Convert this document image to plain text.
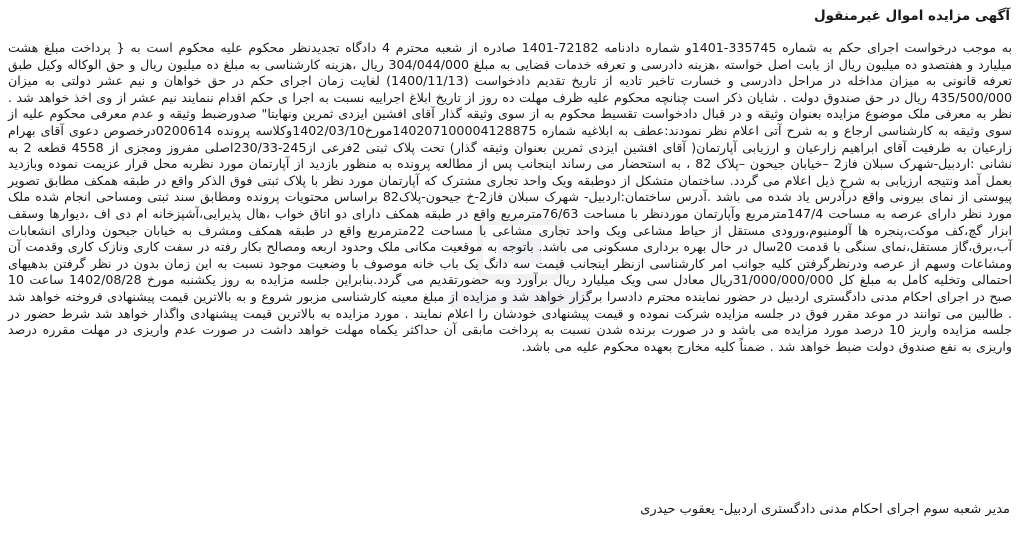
آگهی مزایده اموال غیرمنقول

به موجب درخواست اجرای حکم به شماره 335745-1401و شماره دادنامه 72182-1401 صادره از شعبه محترم 4 دادگاه تجدیدنظر محکوم علیه محکوم است به { پرداخت مبلغ هشت میلیارد و هفتصدو ده میلیون ریال از بابت اصل خواسته ،هزینه دادرسی و تعرفه خدمات قضایی به مبلغ 304/044/000 ریال ،هزینه کارشناسی به مبلغ ده میلیون ریال و حق الوکاله وکیل طبق تعرفه قانونی به میزان مداخله در مراحل دادرسی و خسارت تاخیر تادیه از تاریخ تقدیم دادخواست (1400/11/13) لغایت زمان اجرای حکم در حق خواهان و نیم عشر دولتی به میزان 435/500/000 ریال در حق صندوق دولت . شایان ذکر است چنانچه محکوم علیه ظرف مهلت ده روز از تاریخ ابلاغ اجراییه نسبت به اجرا ی حکم اقدام ننمایند نیم عشر از وی اخذ خواهد شد . نظر به معرفی ملک موضوع مزایده بعنوان وثیقه و در قبال دادخواست تقسیط محکوم به از سوی وثیقه گذار آقای افشین ایزدی ثمرین ونهایتا" صدورضبط وثیقه و عدم معرفی محکوم علیه از سوی وثیقه به کارشناسی ارجاع و به شرح آتی اعلام نظر نمودند:عطف به ابلاغیه شماره 140207100004128875مورخ1402/03/10وکلاسه پرونده 0200614درخصوص دعوی آقای بهرام زارعیان به طرفیت آقای ابراهیم زارعیان و ارزیابی آپارتمان( آقای افشین ایزدی ثمرین بعنوان وثیقه گذار) تحت پلاک ثبتی 2فرعی از245-230/33اصلی مفروز ومجزی از 4558 قطعه 2 به نشانی :اردبیل-شهرک سبلان فاز2 –خیابان جیحون –پلاک 82 ، به استحضار می رساند اینجانب پس از مطالعه پرونده به منظور بازدید از آپارتمان مورد نظربه محل قرار عزیمت نموده وبازدید بعمل آمد ونتیجه ارزیابی به شرح ذیل اعلام می گردد. ساختمان متشکل از دوطبقه ویک واحد تجاری مشترک که آپارتمان مورد نظر با پلاک ثبتی فوق الذکر واقع در طبقه همکف مطابق تصویر پیوستی از نمای بیرونی واقع درآدرس یاد شده می باشد .آدرس ساختمان:اردبیل- شهرک سبلان فاز2-خ جیحون-پلاک82 براساس محتویات پرونده ومطابق سند ثبتی ومساحی انجام شده ملک مورد نظر دارای عرصه به مساحت 147/4مترمربع وآپارتمان موردنظر با مساحت 76/63مترمربع واقع در طبقه همکف دارای دو اتاق خواب ،هال پذیرایی،آشپزخانه ام دی اف ،دیوارها وسقف ابزار گچ،کف موکت،پنجره ها آلومنیوم،ورودی مستقل از حیاط مشاعی ویک واحد تجاری مشاعی با مساحت 22مترمربع واقع در طبقه همکف ومشرف به خیابان جیحون ودارای انشعابات آب،برق،گاز مستقل،نمای سنگی با قدمت 20سال در حال بهره برداری مسکونی می باشد. باتوجه به موقعیت مکانی ملک وحدود اربعه ومصالح بکار رفته در سفت کاری ونازک کاری وقدمت آن ومشاعات وسهم از عرصه ودرنظرگرفتن کلیه جوانب امر کارشناسی ازنظر اینجانب قیمت سه دانگ یک باب خانه موصوف با وضعیت موجود نسبت به این زمان بدون در نظر گرفتن بدهیهای احتمالی وتخلیه کامل به مبلغ کل 31/000/000/000ریال معادل سی ویک میلیارد ریال برآورد وبه حضورتقدیم می گردد.بنابراین جلسه مزایده به روز یکشنبه مورخ 1402/08/28 ساعت 10 صبح در اجرای احکام مدنی دادگستری اردبیل در حضور نماینده محترم دادسرا برگزار خواهد شد و مزایده از مبلغ معینه کارشناسی مزبور شروع و به بالاترین قیمت پیشنهادی فروخته خواهد شد . طالبین می توانند در موعد مقرر فوق در جلسه مزایده شرکت نموده و قیمت پیشنهادی خودشان را اعلام نمایند . مورد مزایده به بالاترین قیمت پیشنهادی واگذار خواهد شد شرط حضور در جلسه مزایده واریز 10 درصد مورد مزایده می باشد و در صورت برنده شدن نسبت به پرداخت مابقی آن حداکثر یکماه مهلت خواهد داشت در صورت عدم واریزی در مهلت مقرره درصد واریزی به نفع صندوق دولت ضبط خواهد شد . ضمناً کلیه مخارج بعهده محکوم علیه می باشد.

مدیر شعبه سوم اجرای احکام مدنی دادگستری اردبیل- یعقوب حیدری
